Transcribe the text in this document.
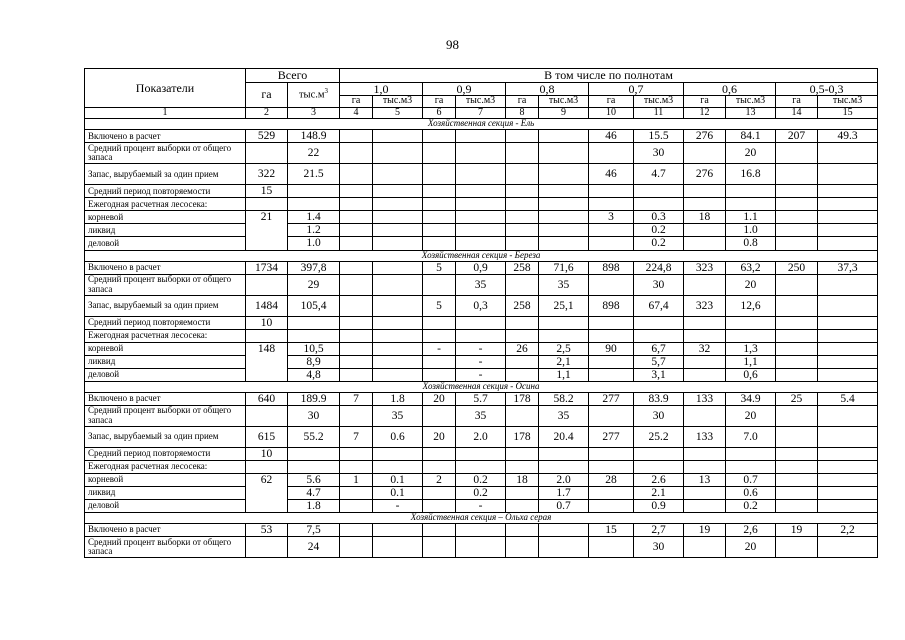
98
Показатели	Всего		В том числе по полнотам											
	га	$тыс.м^3$	1,0		0,9		0,8		0,7		0,6		0,5-0,3	
			га	тыс.м3	га	тыс.м3	га	тыс.м3	га	тыс.м3	га	тыс.м3	га	тыс.м3
1	2	3	4	5	6	7	8	9	10	11	12	13	14	15
Хозяйственная секция - Ель														
Включено в расчет	529	148.9							46	15.5	276	84.1	207	49.3
Средний процент выборки от общего запаса		22								30		20		
Запас, вырубаемый за один прием	322	21.5							46	4.7	276	16.8		
Средний период повторяемости	15													
Ежегодная расчетная лесосека:														
корневой	21	1.4							3	0.3	18	1.1		
ликвид		1.2								0.2		1.0		
деловой		1.0								0.2		0.8		
Хозяйственная секция - Береза														
Включено в расчет	1734	397,8			5	0,9	258	71,6	898	224,8	323	63,2	250	37,3
Средний процент выборки от общего запаса		29				35		35		30		20		
Запас, вырубаемый за один прием	1484	105,4			5	0,3	258	25,1	898	67,4	323	12,6		
Средний период повторяемости	10													
Ежегодная расчетная лесосека:														
корневой	148	10,5			-	-	26	2,5	90	6,7	32	1,3		
ликвид		8,9				-		2,1		5,7		1,1		
деловой		4,8				-		1,1		3,1		0,6		
Хозяйственная секция - Осина														
Включено в расчет	640	189.9	7	1.8	20	5.7	178	58.2	277	83.9	133	34.9	25	5.4
Средний процент выборки от общего запаса		30		35		35		35		30		20		
Запас, вырубаемый за один прием	615	55.2	7	0.6	20	2.0	178	20.4	277	25.2	133	7.0		
Средний период повторяемости	10													
Ежегодная расчетная лесосека:														
корневой	62	5.6	1	0.1	2	0.2	18	2.0	28	2.6	13	0.7		
ликвид		4.7		0.1		0.2		1.7		2.1		0.6		
деловой		1.8		-		-		0.7		0.9		0.2		
Хозяйственная секция – Ольха серая														
Включено в расчет	53	7,5							15	2,7	19	2,6	19	2,2
Средний процент выборки от общего запаса		24								30		20		
